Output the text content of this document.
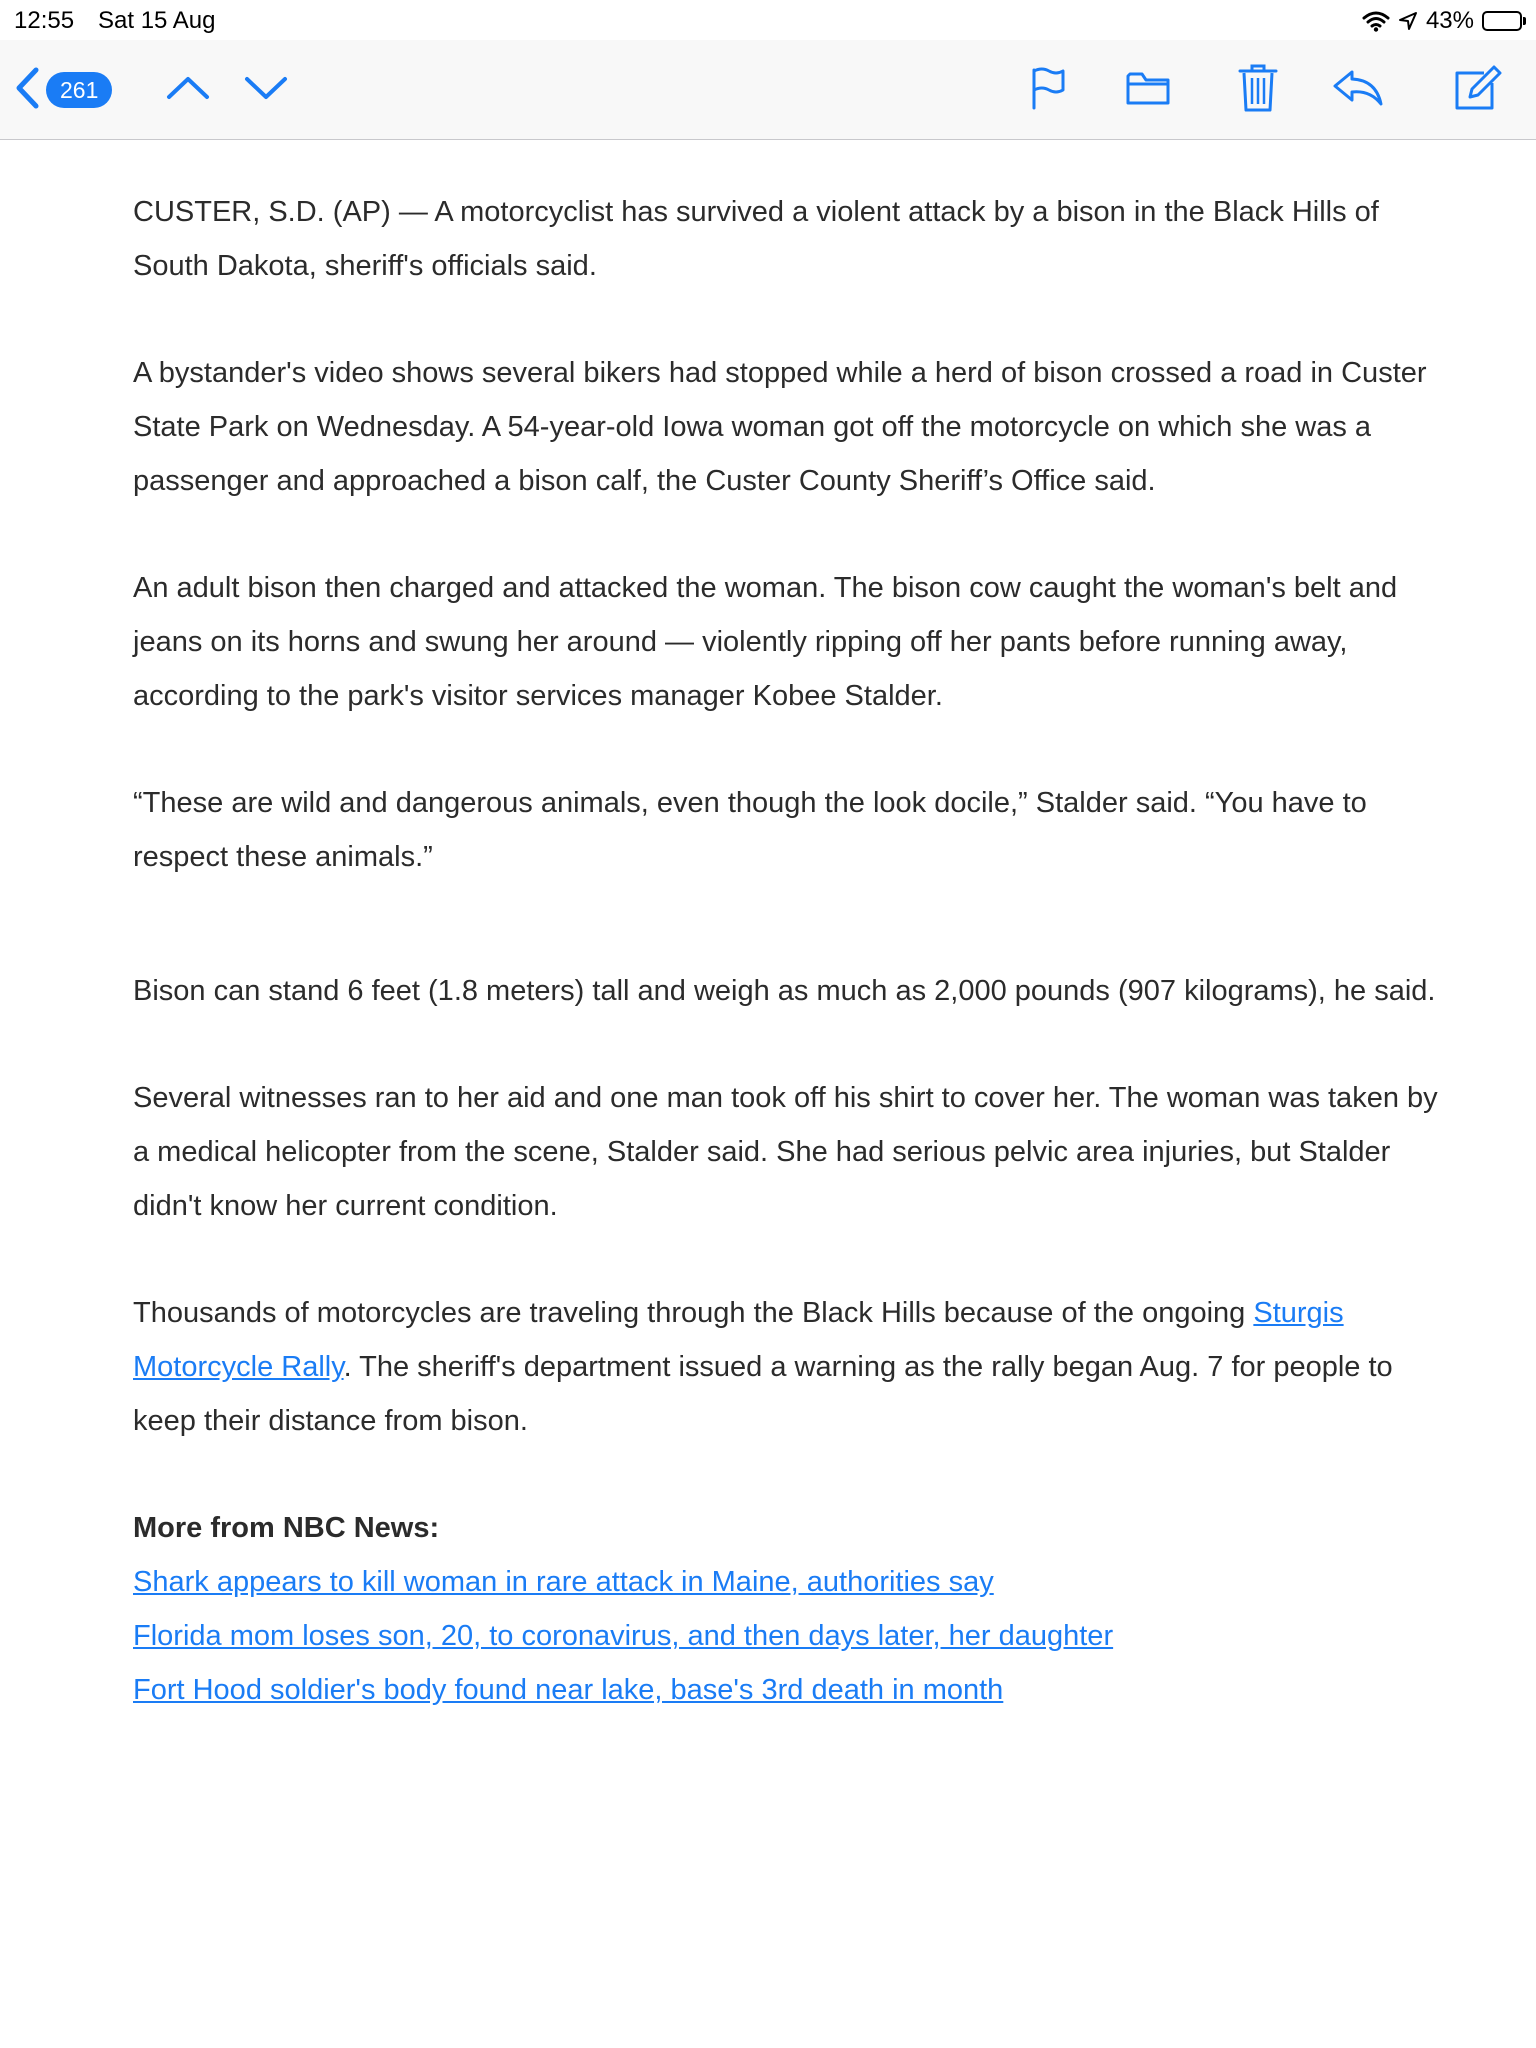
12:55 Sat 15 Aug	43%
261

CUSTER, S.D. (AP) — A motorcyclist has survived a violent attack by a bison in the Black Hills of South Dakota, sheriff's officials said.

A bystander's video shows several bikers had stopped while a herd of bison crossed a road in Custer State Park on Wednesday. A 54-year-old Iowa woman got off the motorcycle on which she was a passenger and approached a bison calf, the Custer County Sheriff’s Office said.

An adult bison then charged and attacked the woman. The bison cow caught the woman's belt and jeans on its horns and swung her around — violently ripping off her pants before running away, according to the park's visitor services manager Kobee Stalder.

“These are wild and dangerous animals, even though the look docile,” Stalder said. “You have to respect these animals.”

Bison can stand 6 feet (1.8 meters) tall and weigh as much as 2,000 pounds (907 kilograms), he said.

Several witnesses ran to her aid and one man took off his shirt to cover her. The woman was taken by a medical helicopter from the scene, Stalder said. She had serious pelvic area injuries, but Stalder didn't know her current condition.

Thousands of motorcycles are traveling through the Black Hills because of the ongoing Sturgis Motorcycle Rally. The sheriff's department issued a warning as the rally began Aug. 7 for people to keep their distance from bison.

More from NBC News:
Shark appears to kill woman in rare attack in Maine, authorities say
Florida mom loses son, 20, to coronavirus, and then days later, her daughter
Fort Hood soldier's body found near lake, base's 3rd death in month
